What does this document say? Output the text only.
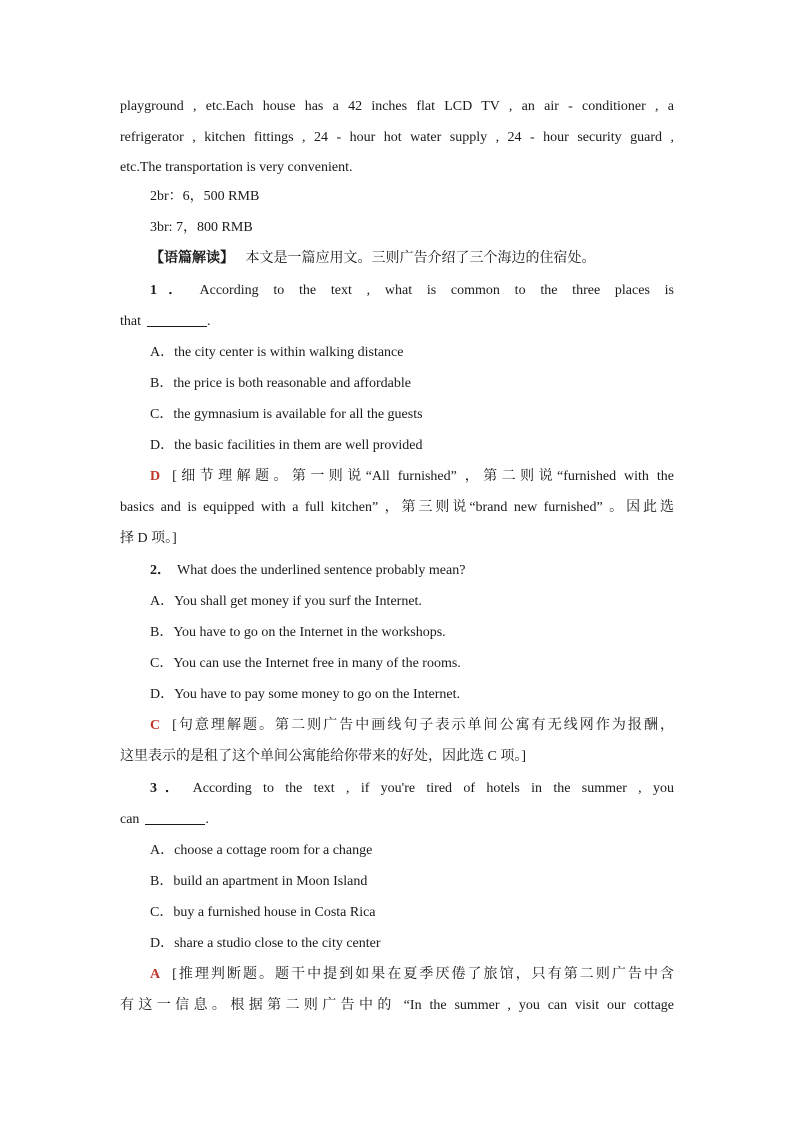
playground , etc.Each house has a 42 inches flat LCD TV , an air - conditioner , a
refrigerator , kitchen fittings , 24 - hour hot water supply , 24 - hour security guard ,
etc.The transportation is very convenient.
2br：6，500 RMB
3br: 7，800 RMB
【语篇解读】 本文是一篇应用文。三则广告介绍了三个海边的住宿处。
1． According to the text , what is common to the three places is
that	.
A．the city center is within walking distance
B．the price is both reasonable and affordable
C．the gymnasium is available for all the guests
D．the basic facilities in them are well provided
D [细节理解题。第一则说“All furnished” ，第二则说“furnished with the
basics and is equipped with a full kitchen” ，第三则说“brand new furnished” 。因此选
择 D 项。]
2． What does the underlined sentence probably mean?
A．You shall get money if you surf the Internet.
B．You have to go on the Internet in the workshops.
C．You can use the Internet free in many of the rooms.
D．You have to pay some money to go on the Internet.
C [句意理解题。第二则广告中画线句子表示单间公寓有无线网作为报酬，
这里表示的是租了这个单间公寓能给你带来的好处，因此选 C 项。]
3． According to the text , if you're tired of hotels in the summer , you
can	.
A．choose a cottage room for a change
B．build an apartment in Moon Island
C．buy a furnished house in Costa Rica
D．share a studio close to the city center
A [推理判断题。题干中提到如果在夏季厌倦了旅馆，只有第二则广告中含
有这一信息。根据第二则广告中的 “In the summer , you can visit our cottage
